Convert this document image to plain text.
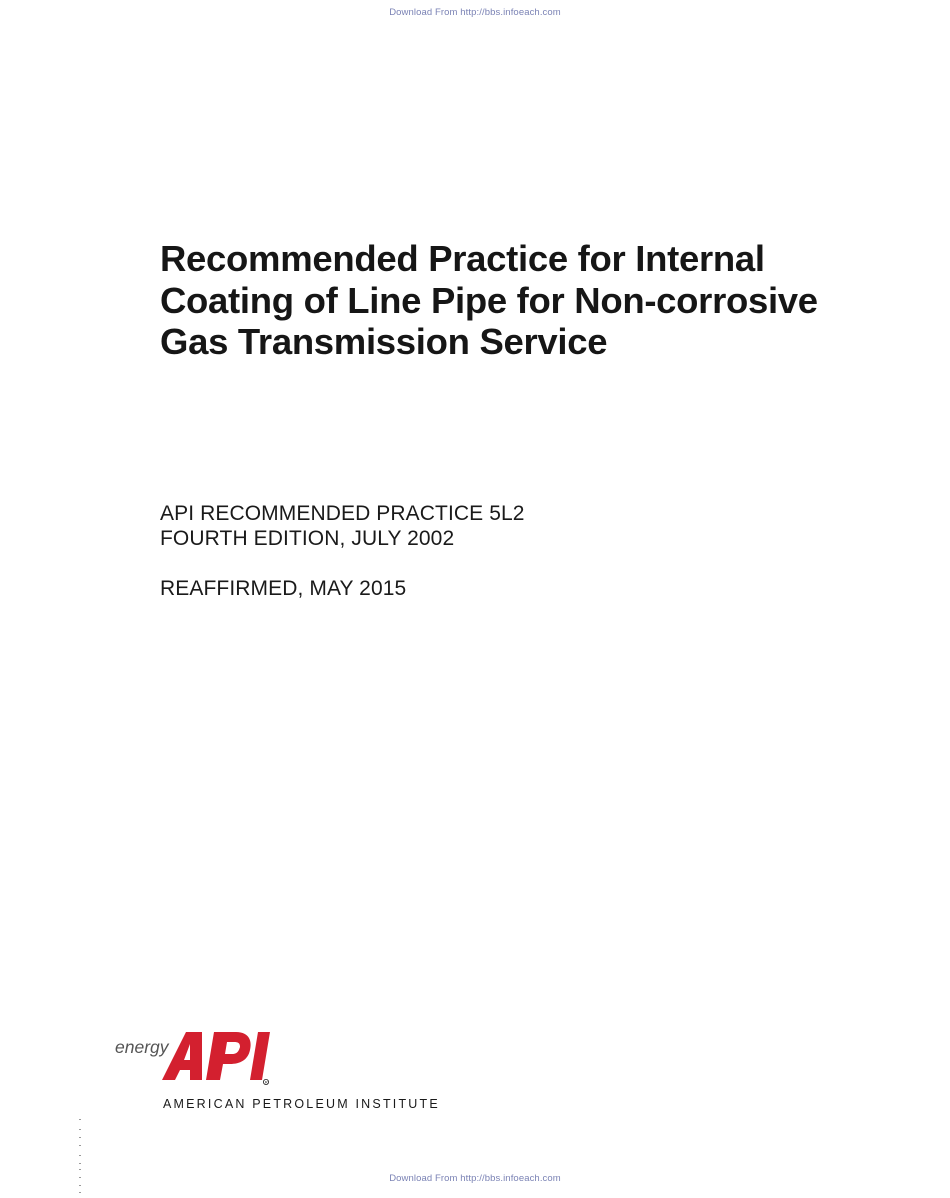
Download From http://bbs.infoeach.com
Recommended Practice for Internal
Coating of Line Pipe for Non-corrosive
Gas Transmission Service
API RECOMMENDED PRACTICE 5L2
FOURTH EDITION, JULY 2002
REAFFIRMED, MAY 2015
energy
R
AMERICAN PETROLEUM INSTITUTE
Download From http://bbs.infoeach.com
